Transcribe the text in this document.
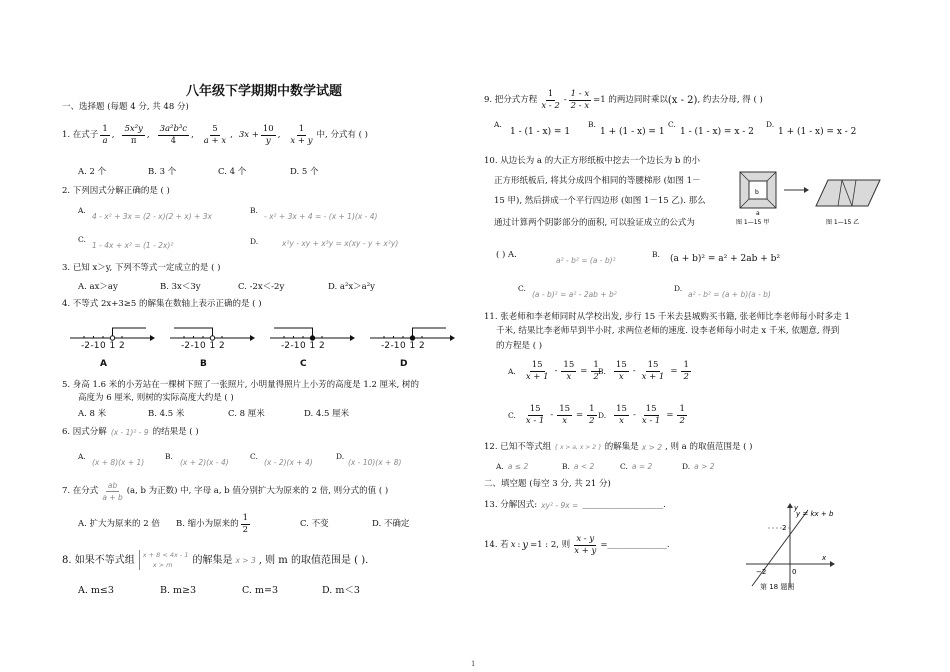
八年级下学期期中数学试题
一、选择题 (每题 4 分, 共 48 分)
1. 在式子 $\frac{1}{a}$ , $\frac{\text{5x²y}}{\pi}$ , $\frac{\text{3a²b³c}}{4}$ , $\frac{5}{a + x}$ , $3x + \frac{10}{y}$ , $\frac{1}{x + y}$ 中, 分式有 ( )
A. 2 个	B. 3 个	C. 4 个	D. 5 个
2. 下列因式分解正确的是 ( )
A.
4 - x² + 3x = (2 - x)(2 + x) + 3x
B.
- x² + 3x + 4 = - (x + 1)(x - 4)
C.
1 - 4x + x² = (1 - 2x)²	D.	x²y - xy + x³y = x(xy - y + x²y)
3. 已知 x＞y, 下列不等式一定成立的是 ( )
A. ax＞ay	B. 3x＜3y	C. -2x＜-2y	D. a²x＞a²y
4. 不等式 2x+3≥5 的解集在数轴上表示正确的是 ( )
-2 -1 0 1 2
A
-2 -1 0 1 2
B
-2 -1 0 1 2
C
-2 -1 0 1 2
D
5. 身高 1.6 米的小芳站在一棵树下照了一张照片, 小明量得照片上小芳的高度是 1.2 厘米, 树的
高度为 6 厘米, 则树的实际高度大约是 ( )
A. 8 米	B. 4.5 米	C. 8 厘米	D. 4.5 厘米
6. 因式分解 (x - 1)² - 9 的结果是 ( )
A.
(x + 8)(x + 1)
B.
(x + 2)(x - 4)
C.
(x - 2)(x + 4)
D.
(x - 10)(x + 8)
7. 在分式 $\frac{ab}{a + b} (a$, b 为正数) 中, 字母 a, b 值分别扩大为原来的 2 倍, 则分式的值 ( )
A. 扩大为原来的 2 倍 B. 缩小为原来的 $\frac{1}{2}$	C. 不变	D. 不确定
8. 如果不等式组 x + 8 < 4x - 1
x > m	的解集是 x > 3 , 则 m 的取值范围是 ( ).
A. m≤3	B. m≥3	C. m=3	D. m＜3
9. 把分式方程 $\frac{1}{x - 2} - \frac{1 - x}{2 - x} =1$ 的两边同时乘以 (x - 2) , 约去分母, 得 ( )
A.
1 - (1 - x) = 1
B.
1 + (1 - x) = 1
C.
1 - (1 - x) = x - 2
D.
1 + (1 - x) = x - 2
10. 从边长为 a 的大正方形纸板中挖去一个边长为 b 的小
正方形纸板后, 将其分成四个相同的等腰梯形 (如图 1－
15 甲), 然后拼成一个平行四边形 (如图 1－15 乙). 那么
通过计算两个阴影部分的面积, 可以验证成立的公式为
b
a
图 1—15 甲	图 1—15 乙
( ) A.
a² - b² = (a - b)²
B. (a + b)² = a² + 2ab + b²
C.
(a - b)² = a² - 2ab + b²
D.
a² - b² = (a + b)(a - b)
11. 张老师和李老师同时从学校出发, 步行 15 千米去县城购买书籍, 张老师比李老师每小时多走 1
千米, 结果比李老师早到半小时, 求两位老师的速度. 设李老师每小时走 x 千米, 依题意, 得到
的方程是 ( )
A. $\frac{15}{x + 1} - \frac{15}{x} = \frac{1}{2}$
B. $\frac{15}{x} - \frac{15}{x + 1} = \frac{1}{2}$
C. $\frac{15}{x - 1} - \frac{15}{x} = \frac{1}{2} D$. $\frac{15}{x} - \frac{15}{x - 1} = \frac{1}{2}$
12. 已知不等式组 { x > a, x > 2 } 的解集是 x > 2 , 则 a 的取值范围是 ( )
A. a ≤ 2	B. a < 2	C. a = 2	D. a > 2
二、填空题 (每空 3 分, 共 21 分)
13. 分解因式: xy² - 9x = ___________________.
14. 若 x : y =1 : 2, 则 $\frac{x - y}{x + y}$ =______________.
y = kx + b
2
−2	0
x
y
第 18 题图
1
